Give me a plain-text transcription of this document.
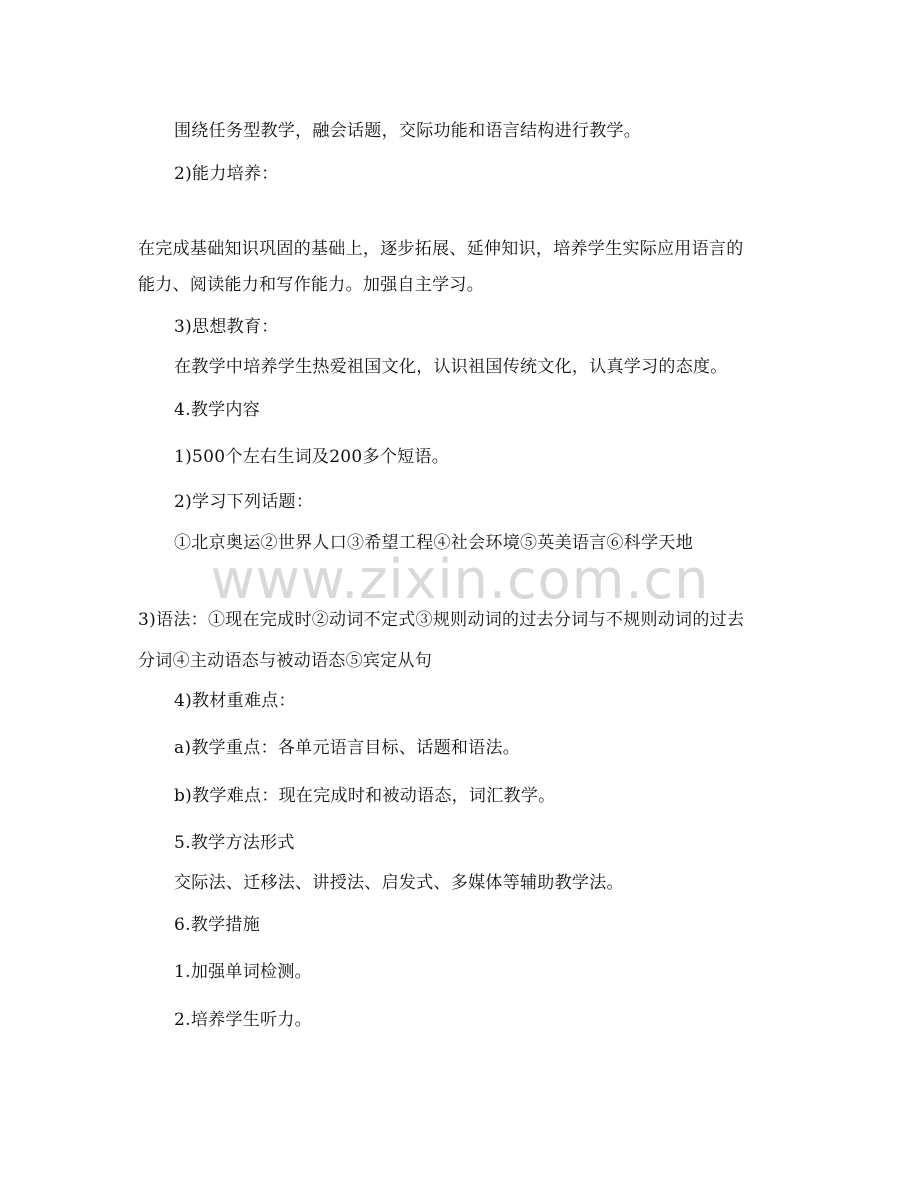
www.zixin.com.cn
围绕任务型教学，融会话题，交际功能和语言结构进行教学。
2)能力培养：
在完成基础知识巩固的基础上，逐步拓展、延伸知识，培养学生实际应用语言的
能力、阅读能力和写作能力。加强自主学习。
3)思想教育：
在教学中培养学生热爱祖国文化，认识祖国传统文化，认真学习的态度。
4.教学内容
1)500个左右生词及200多个短语。
2)学习下列话题：
①北京奥运②世界人口③希望工程④社会环境⑤英美语言⑥科学天地
3)语法：①现在完成时②动词不定式③规则动词的过去分词与不规则动词的过去
分词④主动语态与被动语态⑤宾定从句
4)教材重难点：
a)教学重点：各单元语言目标、话题和语法。
b)教学难点：现在完成时和被动语态，词汇教学。
5.教学方法形式
交际法、迁移法、讲授法、启发式、多媒体等辅助教学法。
6.教学措施
1.加强单词检测。
2.培养学生听力。
